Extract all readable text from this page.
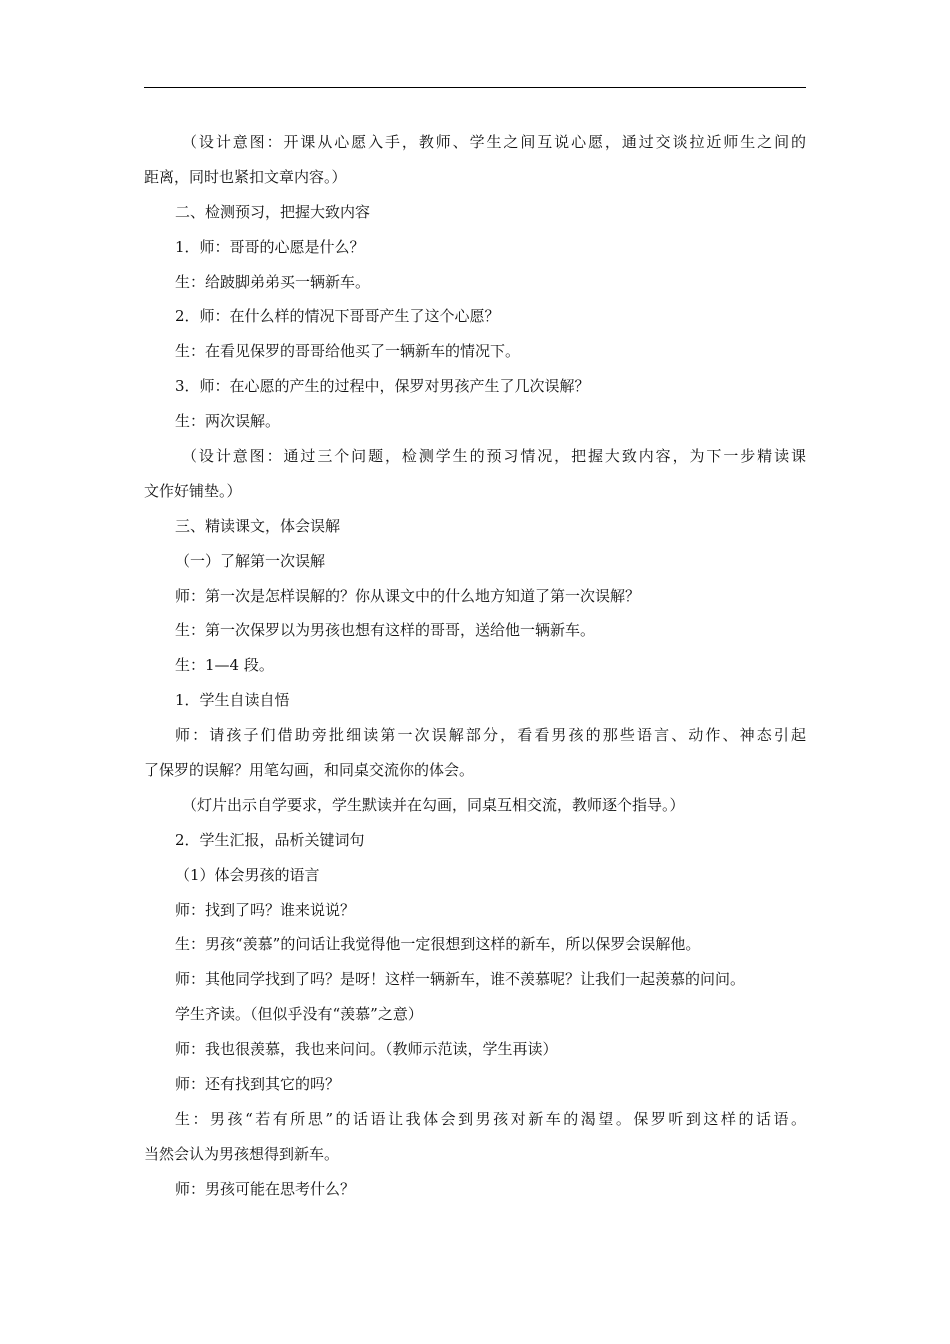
（设计意图：开课从心愿入手，教师、学生之间互说心愿，通过交谈拉近师生之间的
距离，同时也紧扣文章内容。）
二、检测预习，把握大致内容
1．师：哥哥的心愿是什么？
生：给跛脚弟弟买一辆新车。
2．师：在什么样的情况下哥哥产生了这个心愿？
生：在看见保罗的哥哥给他买了一辆新车的情况下。
3．师：在心愿的产生的过程中，保罗对男孩产生了几次误解？
生：两次误解。
（设计意图：通过三个问题，检测学生的预习情况，把握大致内容，为下一步精读课
文作好铺垫。）
三、精读课文，体会误解
（一）了解第一次误解
师：第一次是怎样误解的？你从课文中的什么地方知道了第一次误解？
生：第一次保罗以为男孩也想有这样的哥哥，送给他一辆新车。
生：1—4 段。
1．学生自读自悟
师：请孩子们借助旁批细读第一次误解部分，看看男孩的那些语言、动作、神态引起
了保罗的误解？用笔勾画，和同桌交流你的体会。
（灯片出示自学要求，学生默读并在勾画，同桌互相交流，教师逐个指导。）
2．学生汇报，品析关键词句
（1）体会男孩的语言
师：找到了吗？谁来说说？
生：男孩“羡慕”的问话让我觉得他一定很想到这样的新车，所以保罗会误解他。
师：其他同学找到了吗？是呀！这样一辆新车，谁不羡慕呢？让我们一起羡慕的问问。
学生齐读。（但似乎没有“羡慕”之意）
师：我也很羡慕，我也来问问。（教师示范读，学生再读）
师：还有找到其它的吗？
生：男孩“若有所思”的话语让我体会到男孩对新车的渴望。保罗听到这样的话语。
当然会认为男孩想得到新车。
师：男孩可能在思考什么？
